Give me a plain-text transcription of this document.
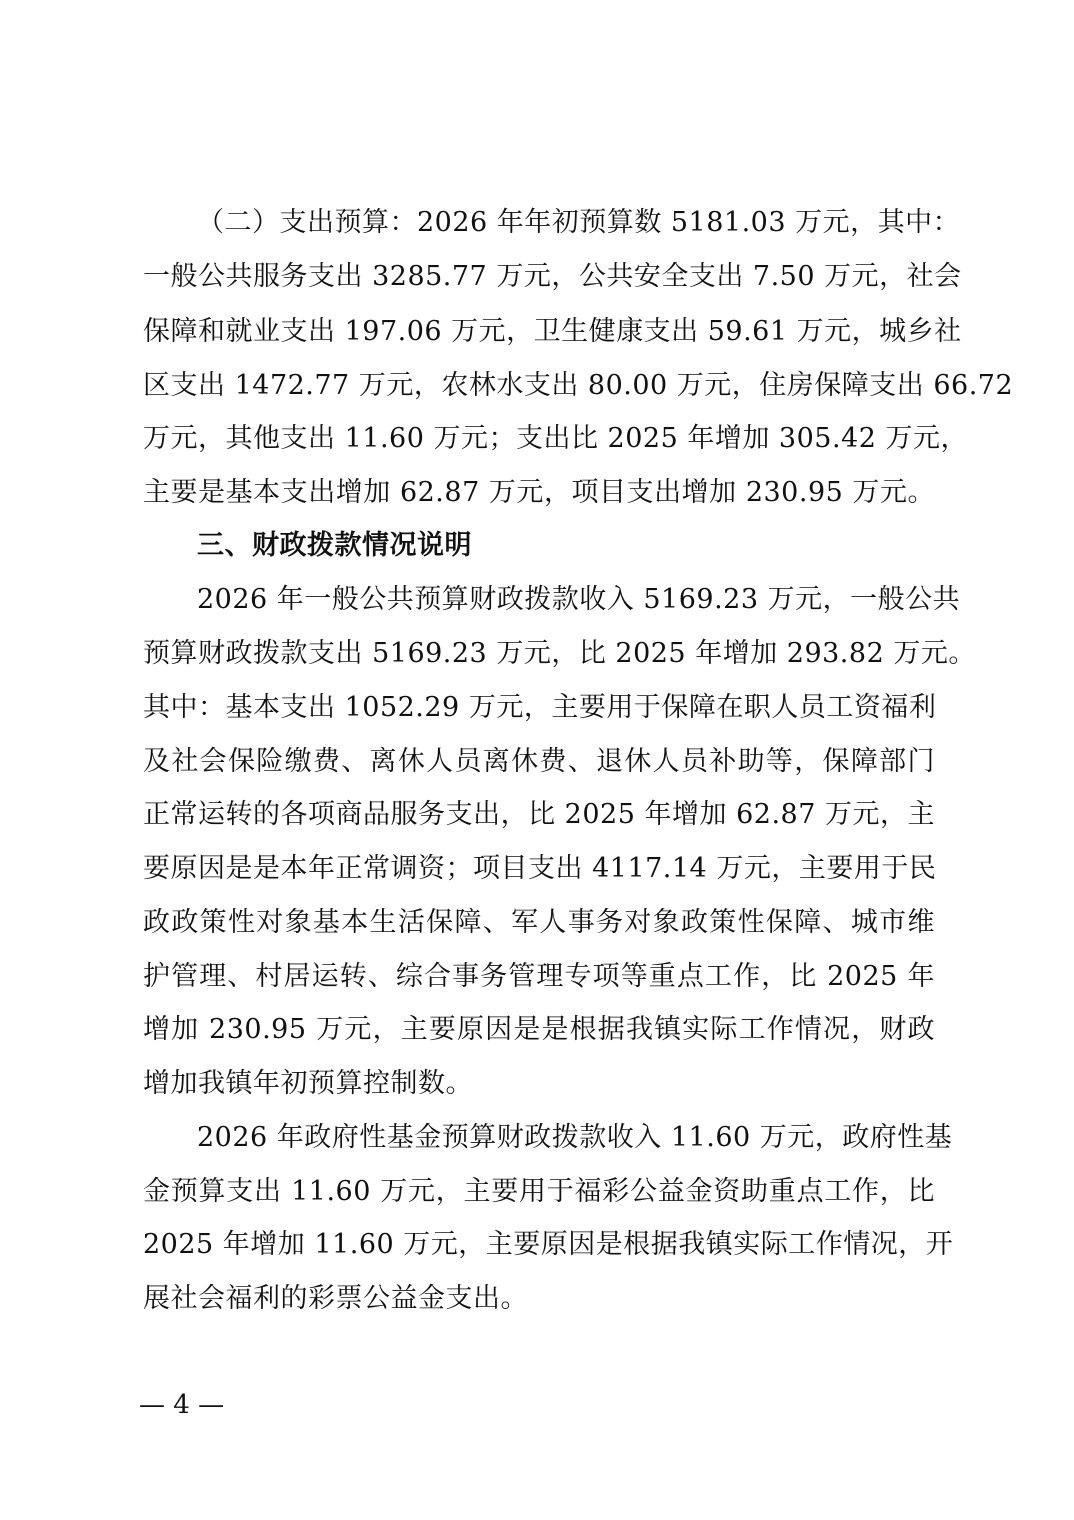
（二）支出预算：2026 年年初预算数 5181.03 万元，其中：
一般公共服务支出 3285.77 万元，公共安全支出 7.50 万元，社会
保障和就业支出 197.06 万元，卫生健康支出 59.61 万元，城乡社
区支出 1472.77 万元，农林水支出 80.00 万元，住房保障支出 66.72
万元，其他支出 11.60 万元；支出比 2025 年增加 305.42 万元，
主要是基本支出增加 62.87 万元，项目支出增加 230.95 万元。
三、财政拨款情况说明
2026 年一般公共预算财政拨款收入 5169.23 万元，一般公共
预算财政拨款支出 5169.23 万元，比 2025 年增加 293.82 万元。
其中：基本支出 1052.29 万元，主要用于保障在职人员工资福利
及社会保险缴费、离休人员离休费、退休人员补助等，保障部门
正常运转的各项商品服务支出，比 2025 年增加 62.87 万元，主
要原因是是本年正常调资；项目支出 4117.14 万元，主要用于民
政政策性对象基本生活保障、军人事务对象政策性保障、城市维
护管理、村居运转、综合事务管理专项等重点工作，比 2025 年
增加 230.95 万元，主要原因是是根据我镇实际工作情况，财政
增加我镇年初预算控制数。
2026 年政府性基金预算财政拨款收入 11.60 万元，政府性基
金预算支出 11.60 万元，主要用于福彩公益金资助重点工作，比
2025 年增加 11.60 万元，主要原因是根据我镇实际工作情况，开
展社会福利的彩票公益金支出。
— 4 —
